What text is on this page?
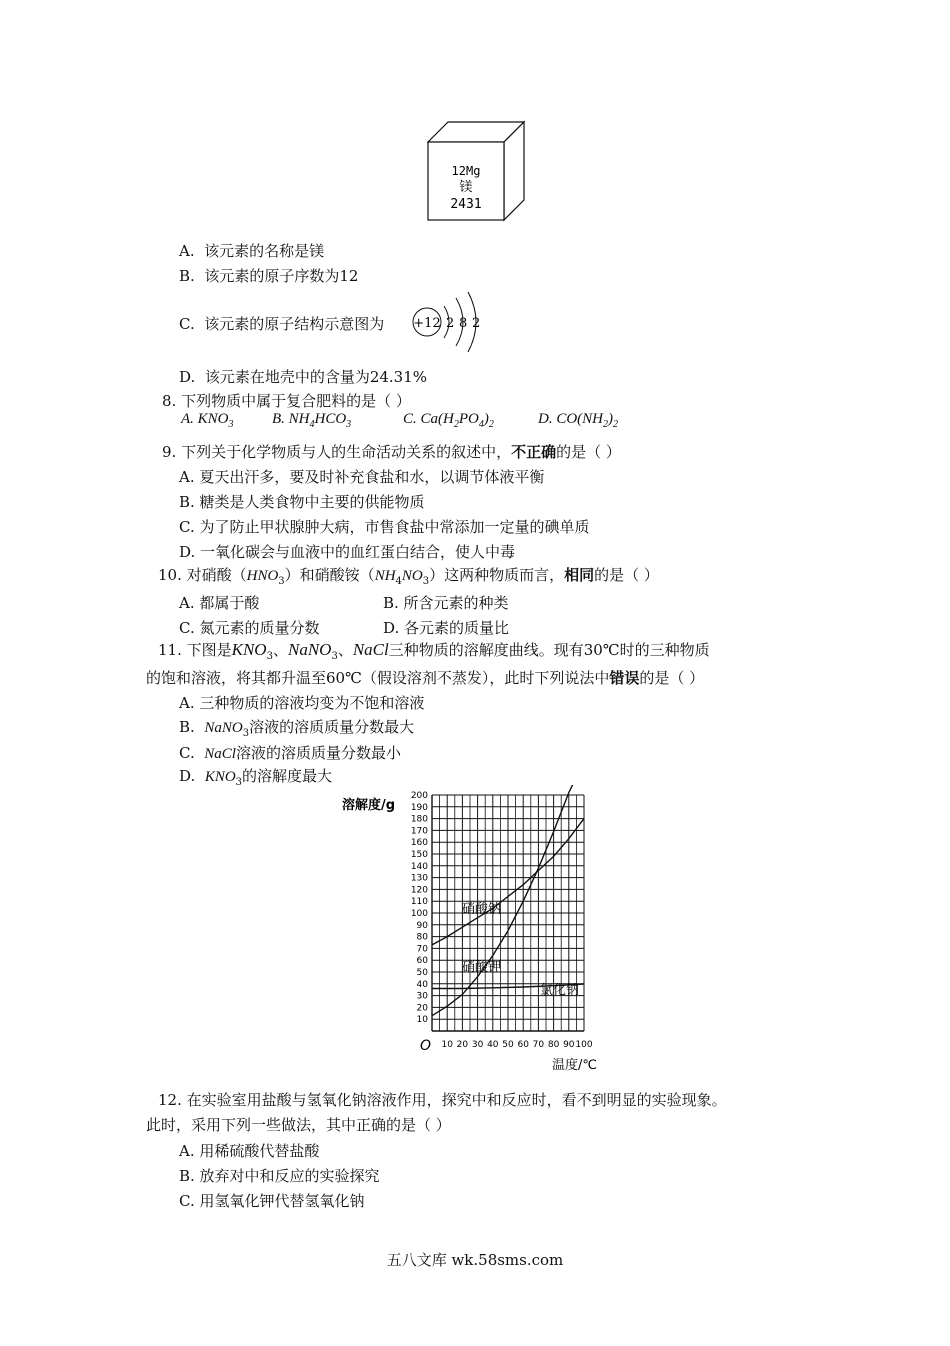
12Mg
镁
2431
A. 该元素的名称是镁
B. 该元素的原子序数为12
C. 该元素的原子结构示意图为 +12 2 8 2
D. 该元素在地壳中的含量为24.31%
8. 下列物质中属于复合肥料的是（ ）
A. $KNO_3$	B. $NH_4HCO_3$	C. $Ca(H_2PO_4)_2$	D. $CO(NH_2)_2$
9. 下列关于化学物质与人的生命活动关系的叙述中，不正确的是（ ）
A. 夏天出汗多，要及时补充食盐和水，以调节体液平衡
B. 糖类是人类食物中主要的供能物质
C. 为了防止甲状腺肿大病，市售食盐中常添加一定量的碘单质
D. 一氧化碳会与血液中的血红蛋白结合，使人中毒
10. 对硝酸$(HNO_3)$和硝酸铵$(NH_4NO_3)$这两种物质而言，相同的是（ ）
A. 都属于酸	B. 所含元素的种类
C. 氮元素的质量分数	D. 各元素的质量比
11. 下图是$KNO_3$、NaNO$_3$、NaCl三种物质的溶解度曲线。现有30℃时的三种物质
的饱和溶液，将其都升温至60℃（假设溶剂不蒸发），此时下列说法中错误的是（ ）
A. 三种物质的溶液均变为不饱和溶液
B. NaNO$_3$溶液的溶质质量分数最大
C. NaCl溶液的溶质质量分数最小
D. $KNO_3$的溶解度最大
10 20 30 40 50 60 70 80 90 100
10
20
30
40
50
60
70
80
90
100
110
120
130
140
150
160
170
180
190
200
溶解度/g
温度/℃
O
硝酸钠
硝酸钾
氯化钠
12. 在实验室用盐酸与氢氧化钠溶液作用，探究中和反应时，看不到明显的实验现象。
此时，采用下列一些做法，其中正确的是（ ）
A. 用稀硫酸代替盐酸
B. 放弃对中和反应的实验探究
C. 用氢氧化钾代替氢氧化钠
五八文库 wk.58sms.com
